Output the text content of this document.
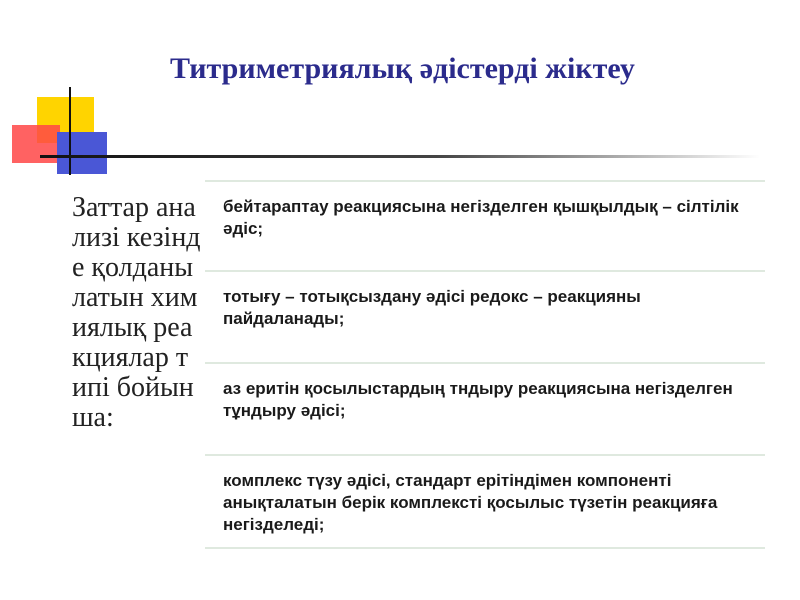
Титриметриялық әдістерді жіктеу
Заттар анализі кезінде қолданылатын химиялық реакциялар типі бойынша:
бейтараптау реакциясына негізделген қышқылдық – сілтілік әдіс;
тотығу – тотықсыздану әдісі редокс – реакцияны пайдаланады;
аз еритін қосылыстардың тндыру реакциясына негізделген тұндыру әдісі;
комплекс түзу әдісі, стандарт ерітіндімен компоненті анықталатын берік комплексті қосылыс түзетін реакцияға негізделеді;
